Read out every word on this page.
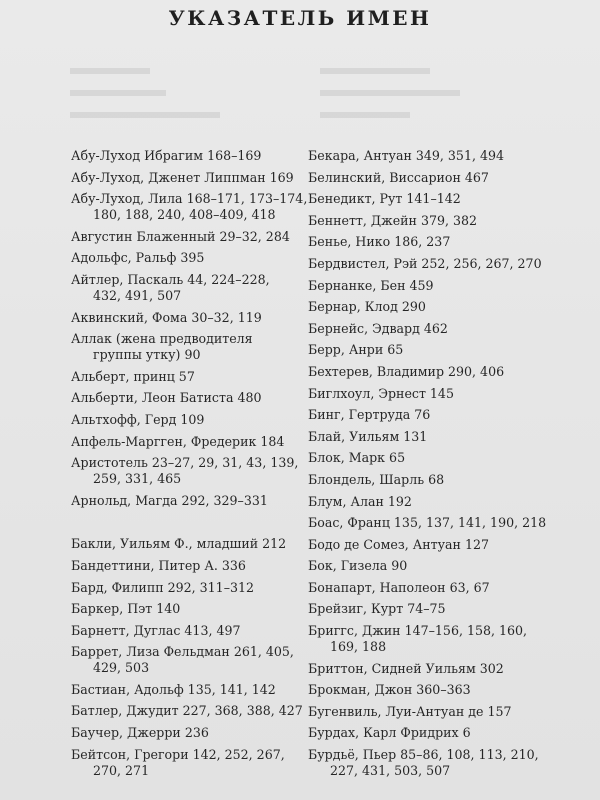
УКАЗАТЕЛЬ ИМЕН
Абу-Луход Ибрагим 168–169
Абу-Луход, Дженет Липпман 169
Абу-Луход, Лила 168–171, 173–174,
180, 188, 240, 408–409, 418
Августин Блаженный 29–32, 284
Адольфс, Ральф 395
Айтлер, Паскаль 44, 224–228,
432, 491, 507
Аквинский, Фома 30–32, 119
Аллак (жена предводителя
группы утку) 90
Альберт, принц 57
Альберти, Леон Батиста 480
Альтхофф, Герд 109
Апфель-Маргген, Фредерик 184
Аристотель 23–27, 29, 31, 43, 139,
259, 331, 465
Арнольд, Магда 292, 329–331
Бакли, Уильям Ф., младший 212
Бандеттини, Питер А. 336
Бард, Филипп 292, 311–312
Баркер, Пэт 140
Барнетт, Дуглас 413, 497
Баррет, Лиза Фельдман 261, 405,
429, 503
Бастиан, Адольф 135, 141, 142
Батлер, Джудит 227, 368, 388, 427
Баучер, Джерри 236
Бейтсон, Грегори 142, 252, 267,
270, 271
Бекара, Антуан 349, 351, 494
Белинский, Виссарион 467
Бенедикт, Рут 141–142
Беннетт, Джейн 379, 382
Бенье, Нико 186, 237
Бердвистел, Рэй 252, 256, 267, 270
Бернанке, Бен 459
Бернар, Клод 290
Бернейс, Эдвард 462
Берр, Анри 65
Бехтерев, Владимир 290, 406
Биглхоул, Эрнест 145
Бинг, Гертруда 76
Блай, Уильям 131
Блок, Марк 65
Блондель, Шарль 68
Блум, Алан 192
Боас, Франц 135, 137, 141, 190, 218
Бодо де Сомез, Антуан 127
Бок, Гизела 90
Бонапарт, Наполеон 63, 67
Брейзиг, Курт 74–75
Бриггс, Джин 147–156, 158, 160,
169, 188
Бриттон, Сидней Уильям 302
Брокман, Джон 360–363
Бугенвиль, Луи-Антуан де 157
Бурдах, Карл Фридрих 6
Бурдьё, Пьер 85–86, 108, 113, 210,
227, 431, 503, 507
